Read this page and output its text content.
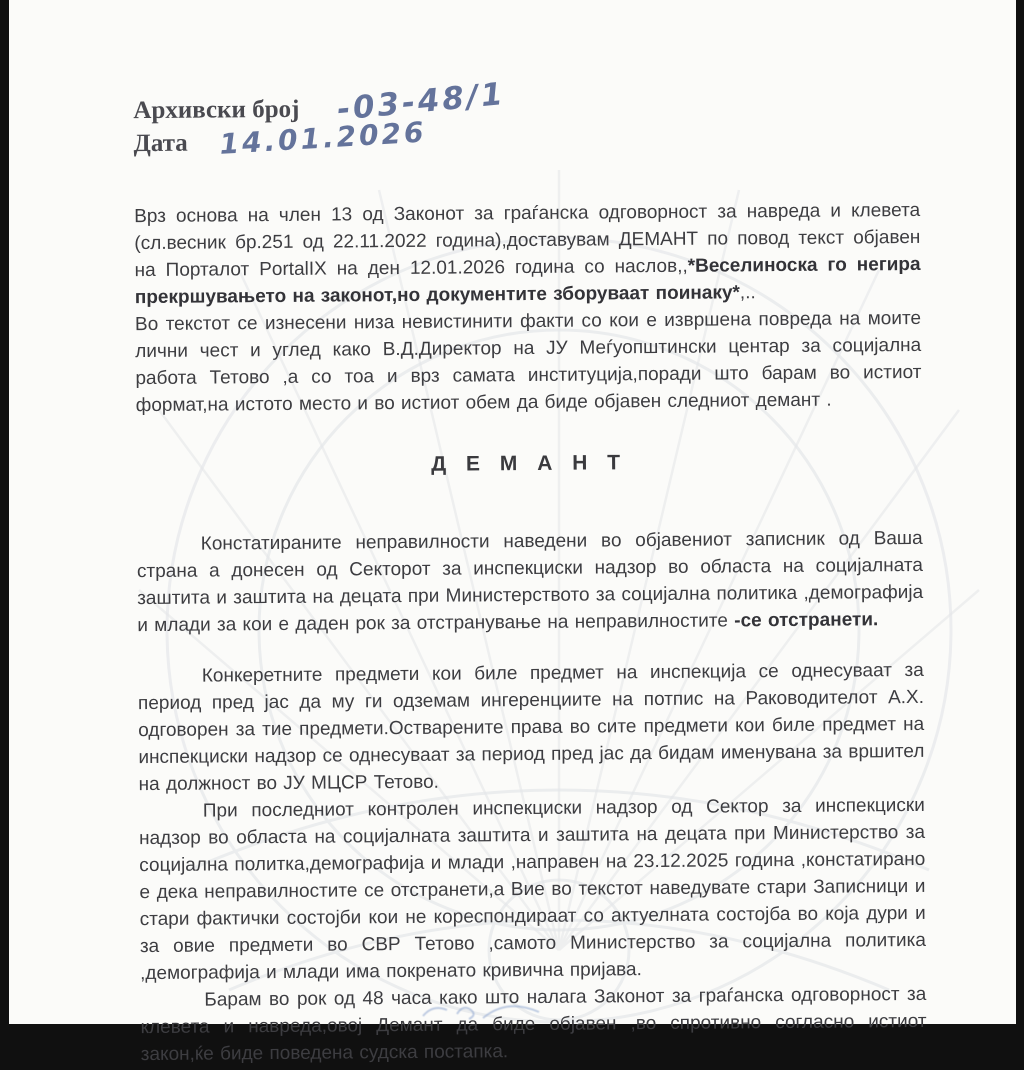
Архивски број -03-48/1
Дата 14.01.2026
Врз основа на член 13 од Законот за граѓанска одговорност за навреда и клевета (сл.весник бр.251 од 22.11.2022 година),доставувам ДЕМАНТ по повод текст објавен на Порталот PortalIX на ден 12.01.2026 година со наслов,,*Веселиноска го негира прекршувањето на законот,но документите зборуваат поинаку*,..
Во текстот се изнесени низа невистинити факти со кои е извршена повреда на моите лични чест и углед како В.Д.Директор на ЈУ Меѓуопштински центар за социјална работа Тетово ,а со тоа и врз самата институција,поради што барам во истиот формат,на истото место и во истиот обем да биде објавен следниот демант .
Д Е М А Н Т
Констатираните неправилности наведени во објавениот записник од Ваша страна а донесен од Секторот за инспекциски надзор во областа на социјалната заштита и заштита на децата при Министерството за социјална политика ,демографија и млади за кои е даден рок за отстранување на неправилностите -се отстранети.
Конкеретните предмети кои биле предмет на инспекција се однесуваат за период пред јас да му ги одземам ингеренциите на потпис на Раководителот А.Х. одговорен за тие предмети.Остварените права во сите предмети кои биле предмет на инспекциски надзор се однесуваат за период пред јас да бидам именувана за вршител на должност во ЈУ МЦСР Тетово.
При последниот контролен инспекциски надзор од Сектор за инспекциски надзор во областа на социјалната заштита и заштита на децата при Министерство за социјална политка,демографија и млади ,направен на 23.12.2025 година ,констатирано е дека неправилностите се отстранети,а Вие во текстот наведувате стари Записници и стари фактички состојби кои не кореспондираат со актуелната состојба во која дури и за овие предмети во СВР Тетово ,самото Министерство за социјална политика ,демографија и млади има покренато кривична пријава.
Барам во рок од 48 часа како што налага Законот за граѓанска одговорност за клевета и навреда,овој Демант да биде објавен ,во спротивно согласно истиот закон,ќе биде поведена судска постапка.
